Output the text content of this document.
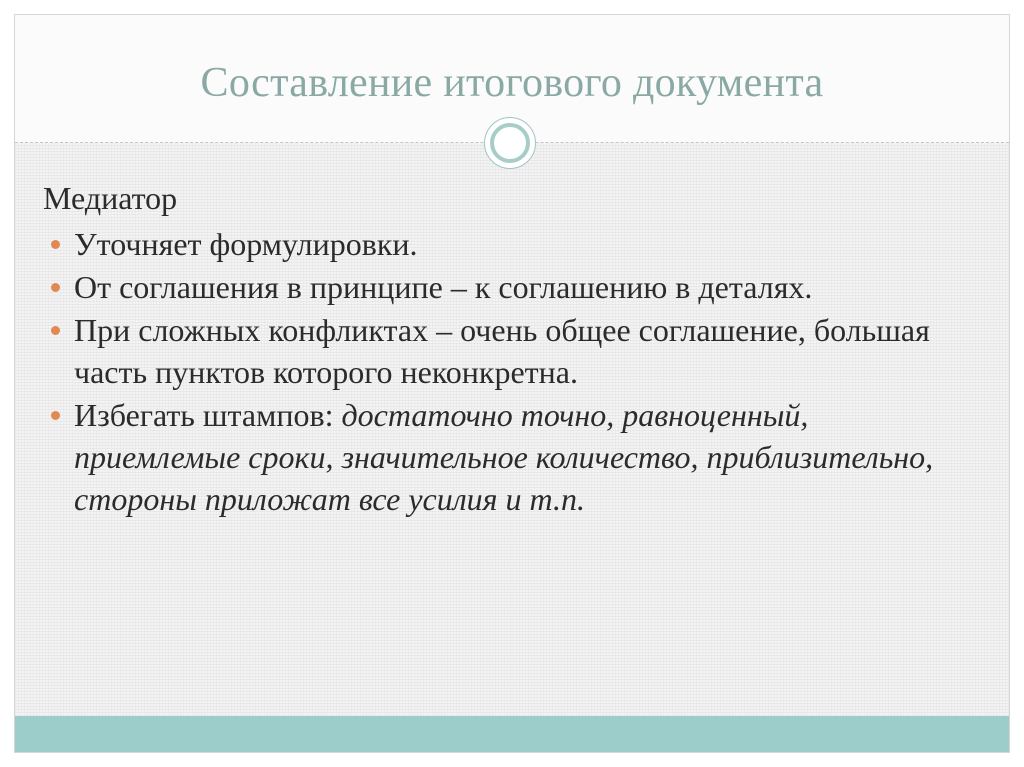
Составление итогового документа
Медиатор
Уточняет формулировки.
От соглашения в принципе – к соглашению в деталях.
При сложных конфликтах – очень общее соглашение, большая часть пунктов которого неконкретна.
Избегать штампов: достаточно точно, равноценный, приемлемые сроки, значительное количество, приблизительно, стороны приложат все усилия и т.п.
